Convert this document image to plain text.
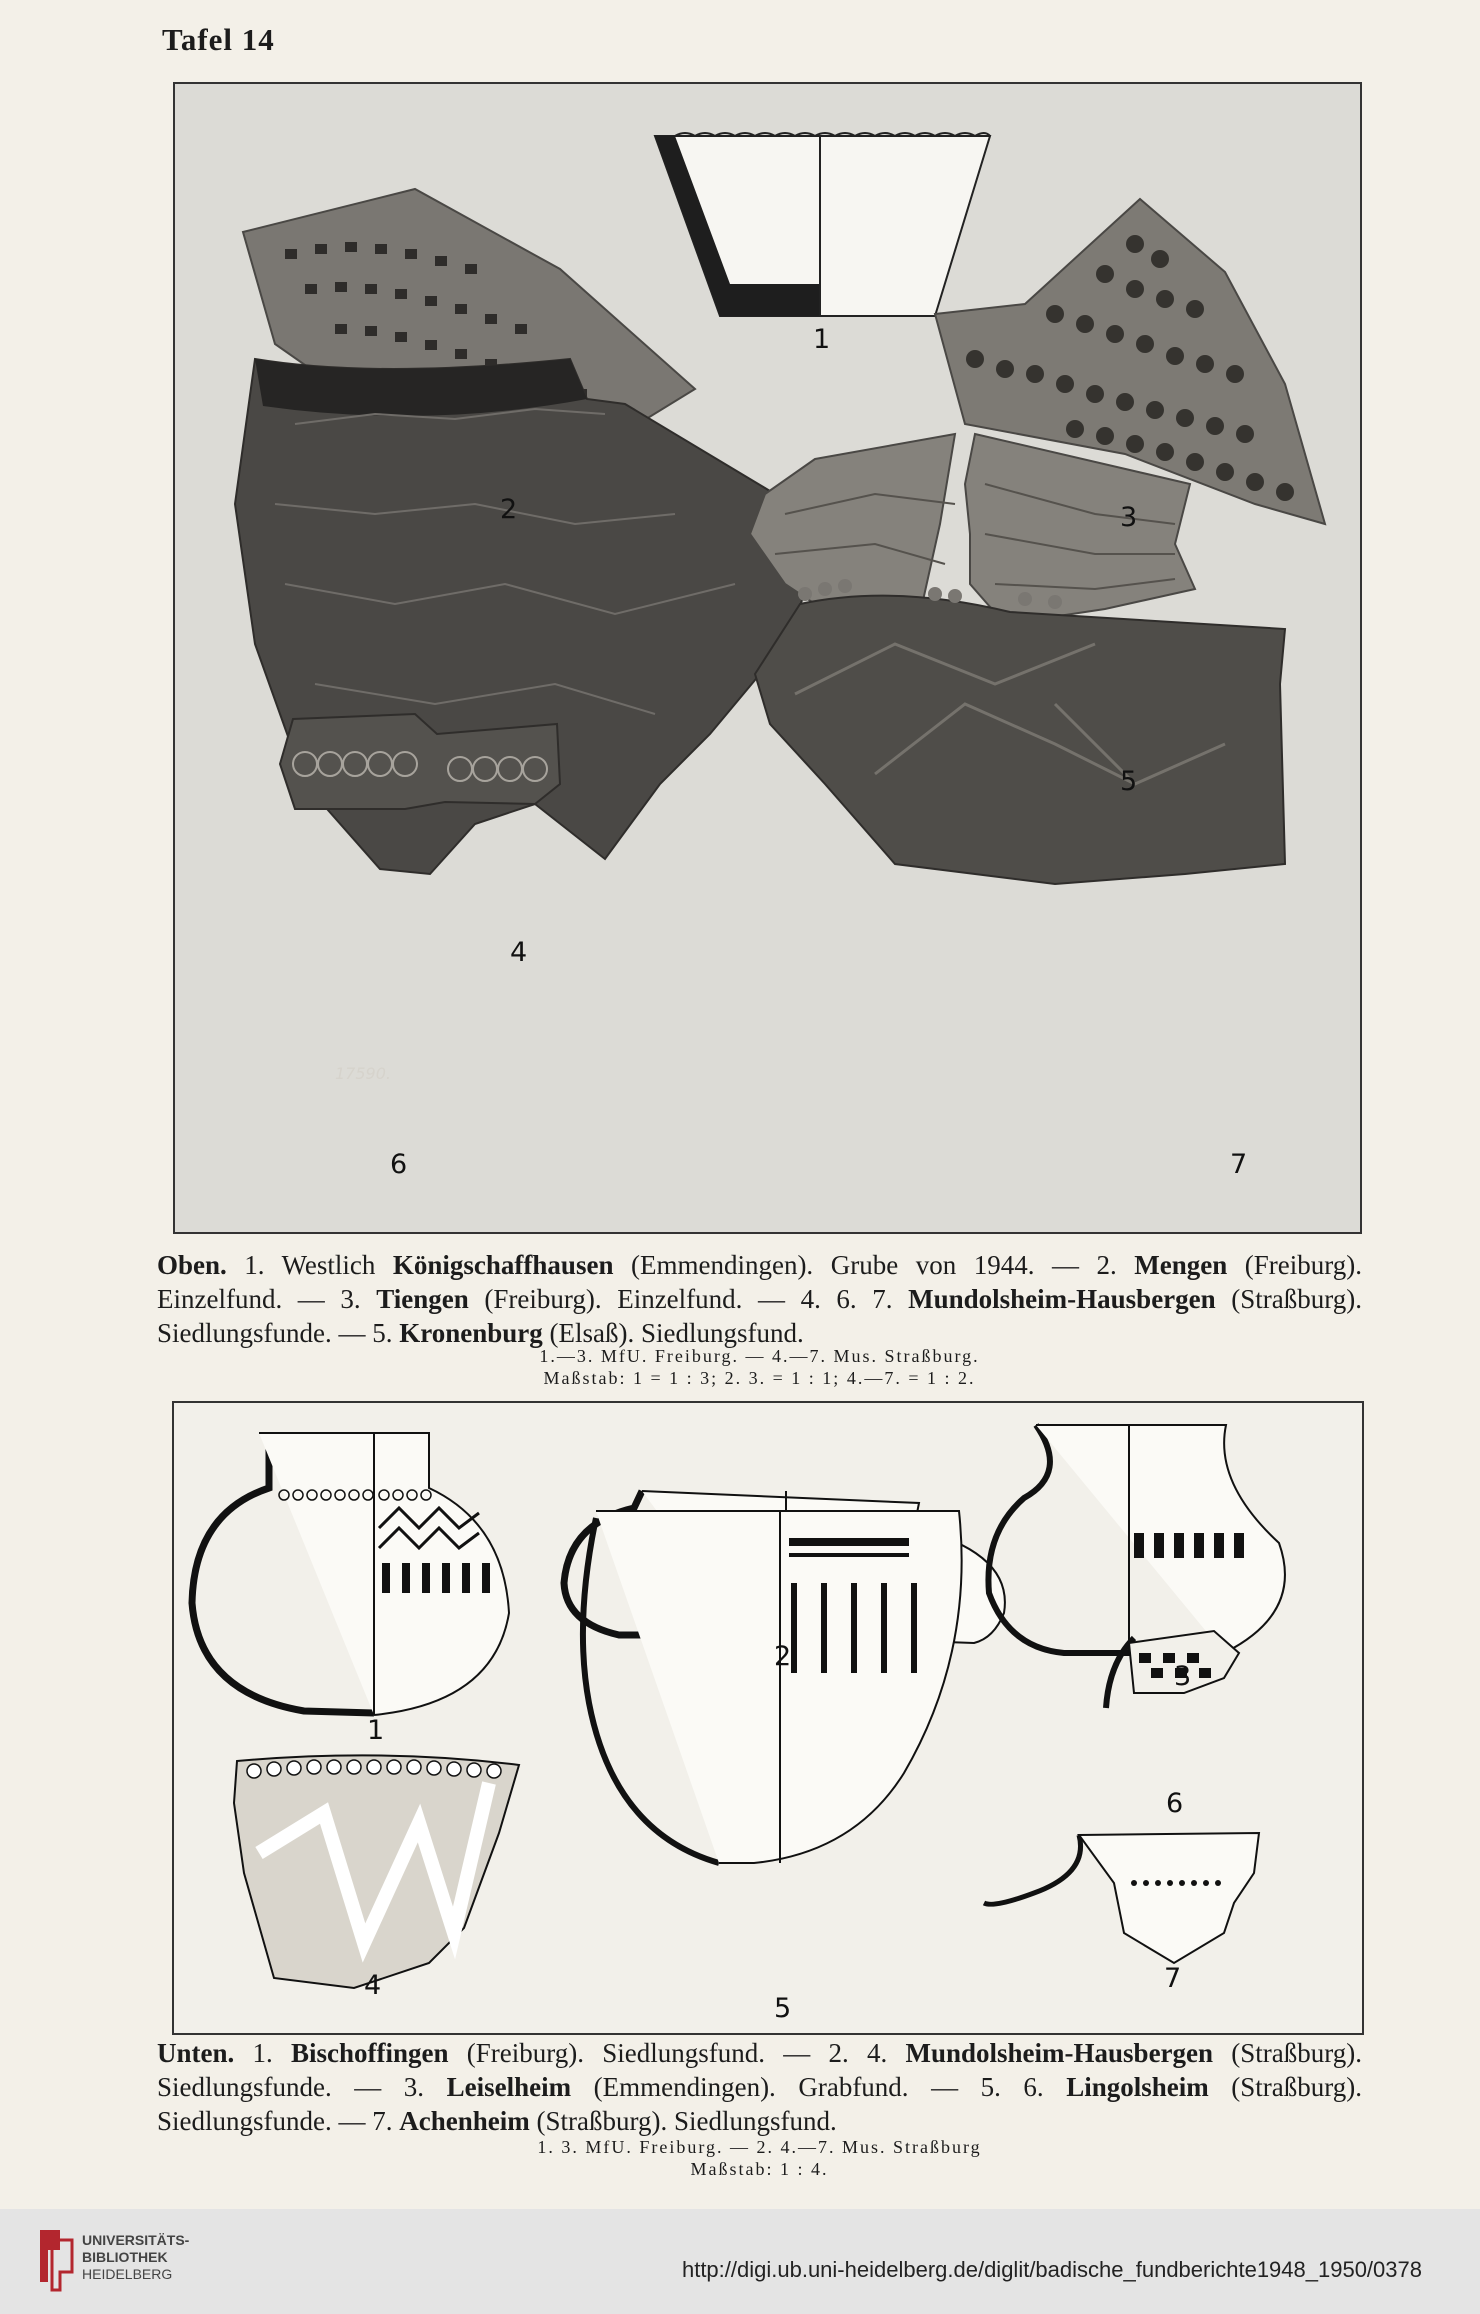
Tafel 14
1
2	3
4
5
6	7
17590.
Oben. 1. Westlich Königschaffhausen (Emmendingen). Grube von 1944. — 2. Mengen (Freiburg). Einzelfund. — 3. Tiengen (Freiburg). Einzelfund. — 4. 6. 7. Mundolsheim-Hausbergen (Straßburg). Siedlungsfunde. — 5. Kronenburg (Elsaß). Siedlungsfund.
1.—3. MfU. Freiburg. — 4.—7. Mus. Straßburg.
Maßstab: 1 = 1 : 3; 2. 3. = 1 : 1; 4.—7. = 1 : 2.
1
2
3
4
5
6
7
Unten. 1. Bischoffingen (Freiburg). Siedlungsfund. — 2. 4. Mundolsheim-Hausbergen (Straßburg). Siedlungsfunde. — 3. Leiselheim (Emmendingen). Grabfund. — 5. 6. Lingolsheim (Straßburg). Siedlungsfunde. — 7. Achenheim (Straßburg). Siedlungsfund.
1. 3. MfU. Freiburg. — 2. 4.—7. Mus. Straßburg
Maßstab: 1 : 4.
UNIVERSITÄTS-
BIBLIOTHEK
HEIDELBERG	http://digi.ub.uni-heidelberg.de/diglit/badische_fundberichte1948_1950/0378
